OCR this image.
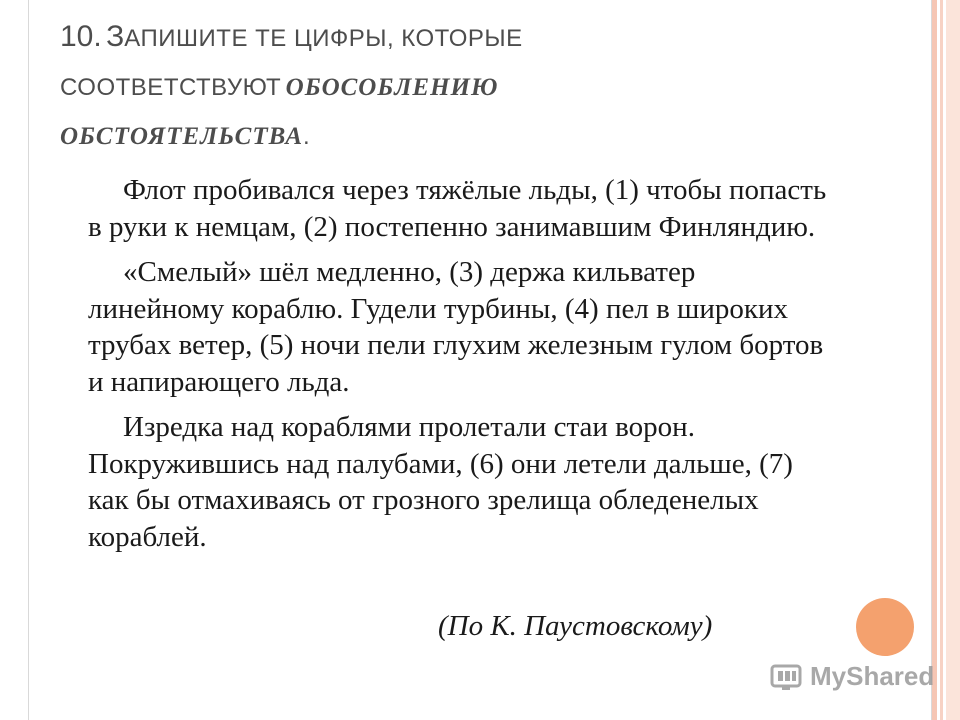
10. ЗАПИШИТЕ ТЕ ЦИФРЫ, КОТОРЫЕ
СООТВЕТСТВУЮТ ОБОСОБЛЕНИЮ
ОБСТОЯТЕЛЬСТВА.

Флот пробивался через тяжёлые льды, (1) чтобы попасть в руки к немцам, (2) постепенно занимавшим Финляндию.

«Смелый» шёл медленно, (3) держа кильватер линейному кораблю. Гудели турбины, (4) пел в широких трубах ветер, (5) ночи пели глухим железным гулом бортов и напирающего льда.

Изредка над кораблями пролетали стаи ворон. Покружившись над палубами, (6) они летели дальше, (7) как бы отмахиваясь от грозного зрелища обледенелых кораблей.

(По К. Паустовскому)
MyShared
